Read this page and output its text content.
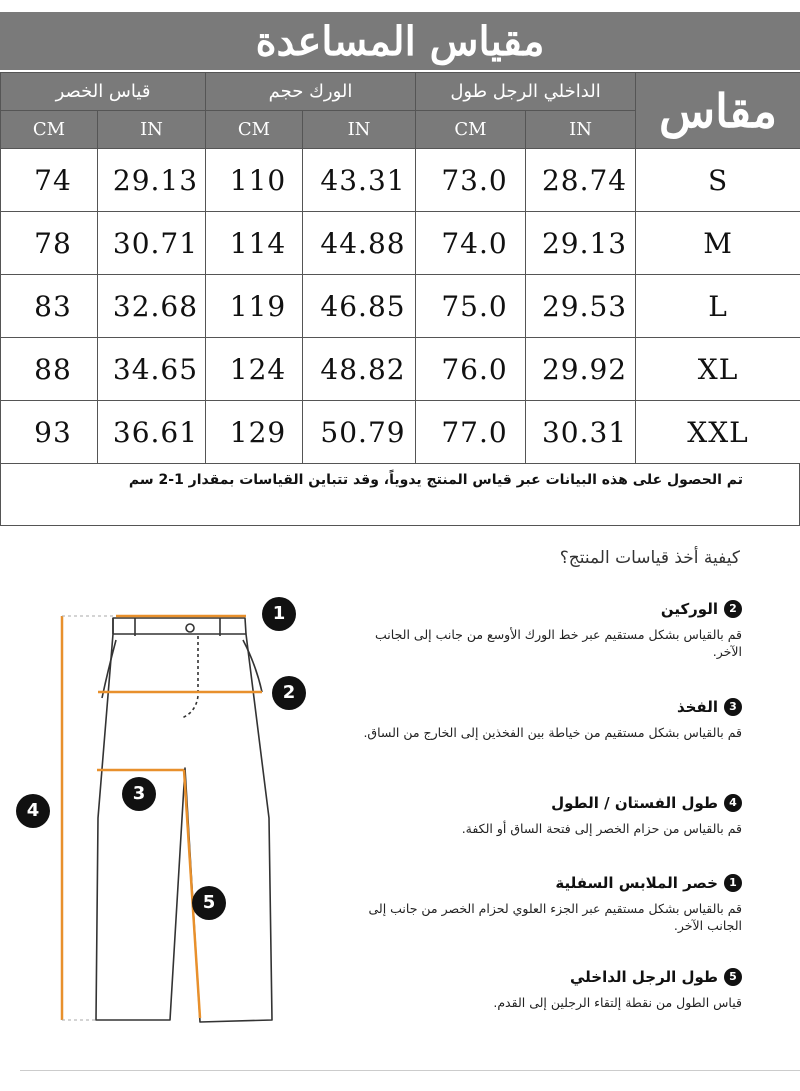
مقياس المساعدة
قياس الخصر		الورك حجم		الداخلي الرجل طول		مقاس
CM	IN	CM	IN	CM	IN	
74	29.13	110	43.31	73.0	28.74	S
78	30.71	114	44.88	74.0	29.13	M
83	32.68	119	46.85	75.0	29.53	L
88	34.65	124	48.82	76.0	29.92	XL
93	36.61	129	50.79	77.0	30.31	XXL
تم الحصول على هذه البيانات عبر قياس المنتج يدوياً، وقد تتباين القياسات بمقدار 1-2 سم
كيفية أخذ قياسات المنتج؟
2
الوركين
قم بالقياس بشكل مستقيم عبر خط الورك الأوسع من جانب إلى الجانب الآخر.
3
الفخذ
قم بالقياس بشكل مستقيم من خياطة بين الفخذين إلى الخارج من الساق.
4
طول الفستان / الطول
قم بالقياس من حزام الخصر إلى فتحة الساق أو الكفة.
1
خصر الملابس السفلية
قم بالقياس بشكل مستقيم عبر الجزء العلوي لحزام الخصر من جانب إلى الجانب الآخر.
5
طول الرجل الداخلي
قياس الطول من نقطة إلتقاء الرجلين إلى القدم.
1
2
3
4
5
